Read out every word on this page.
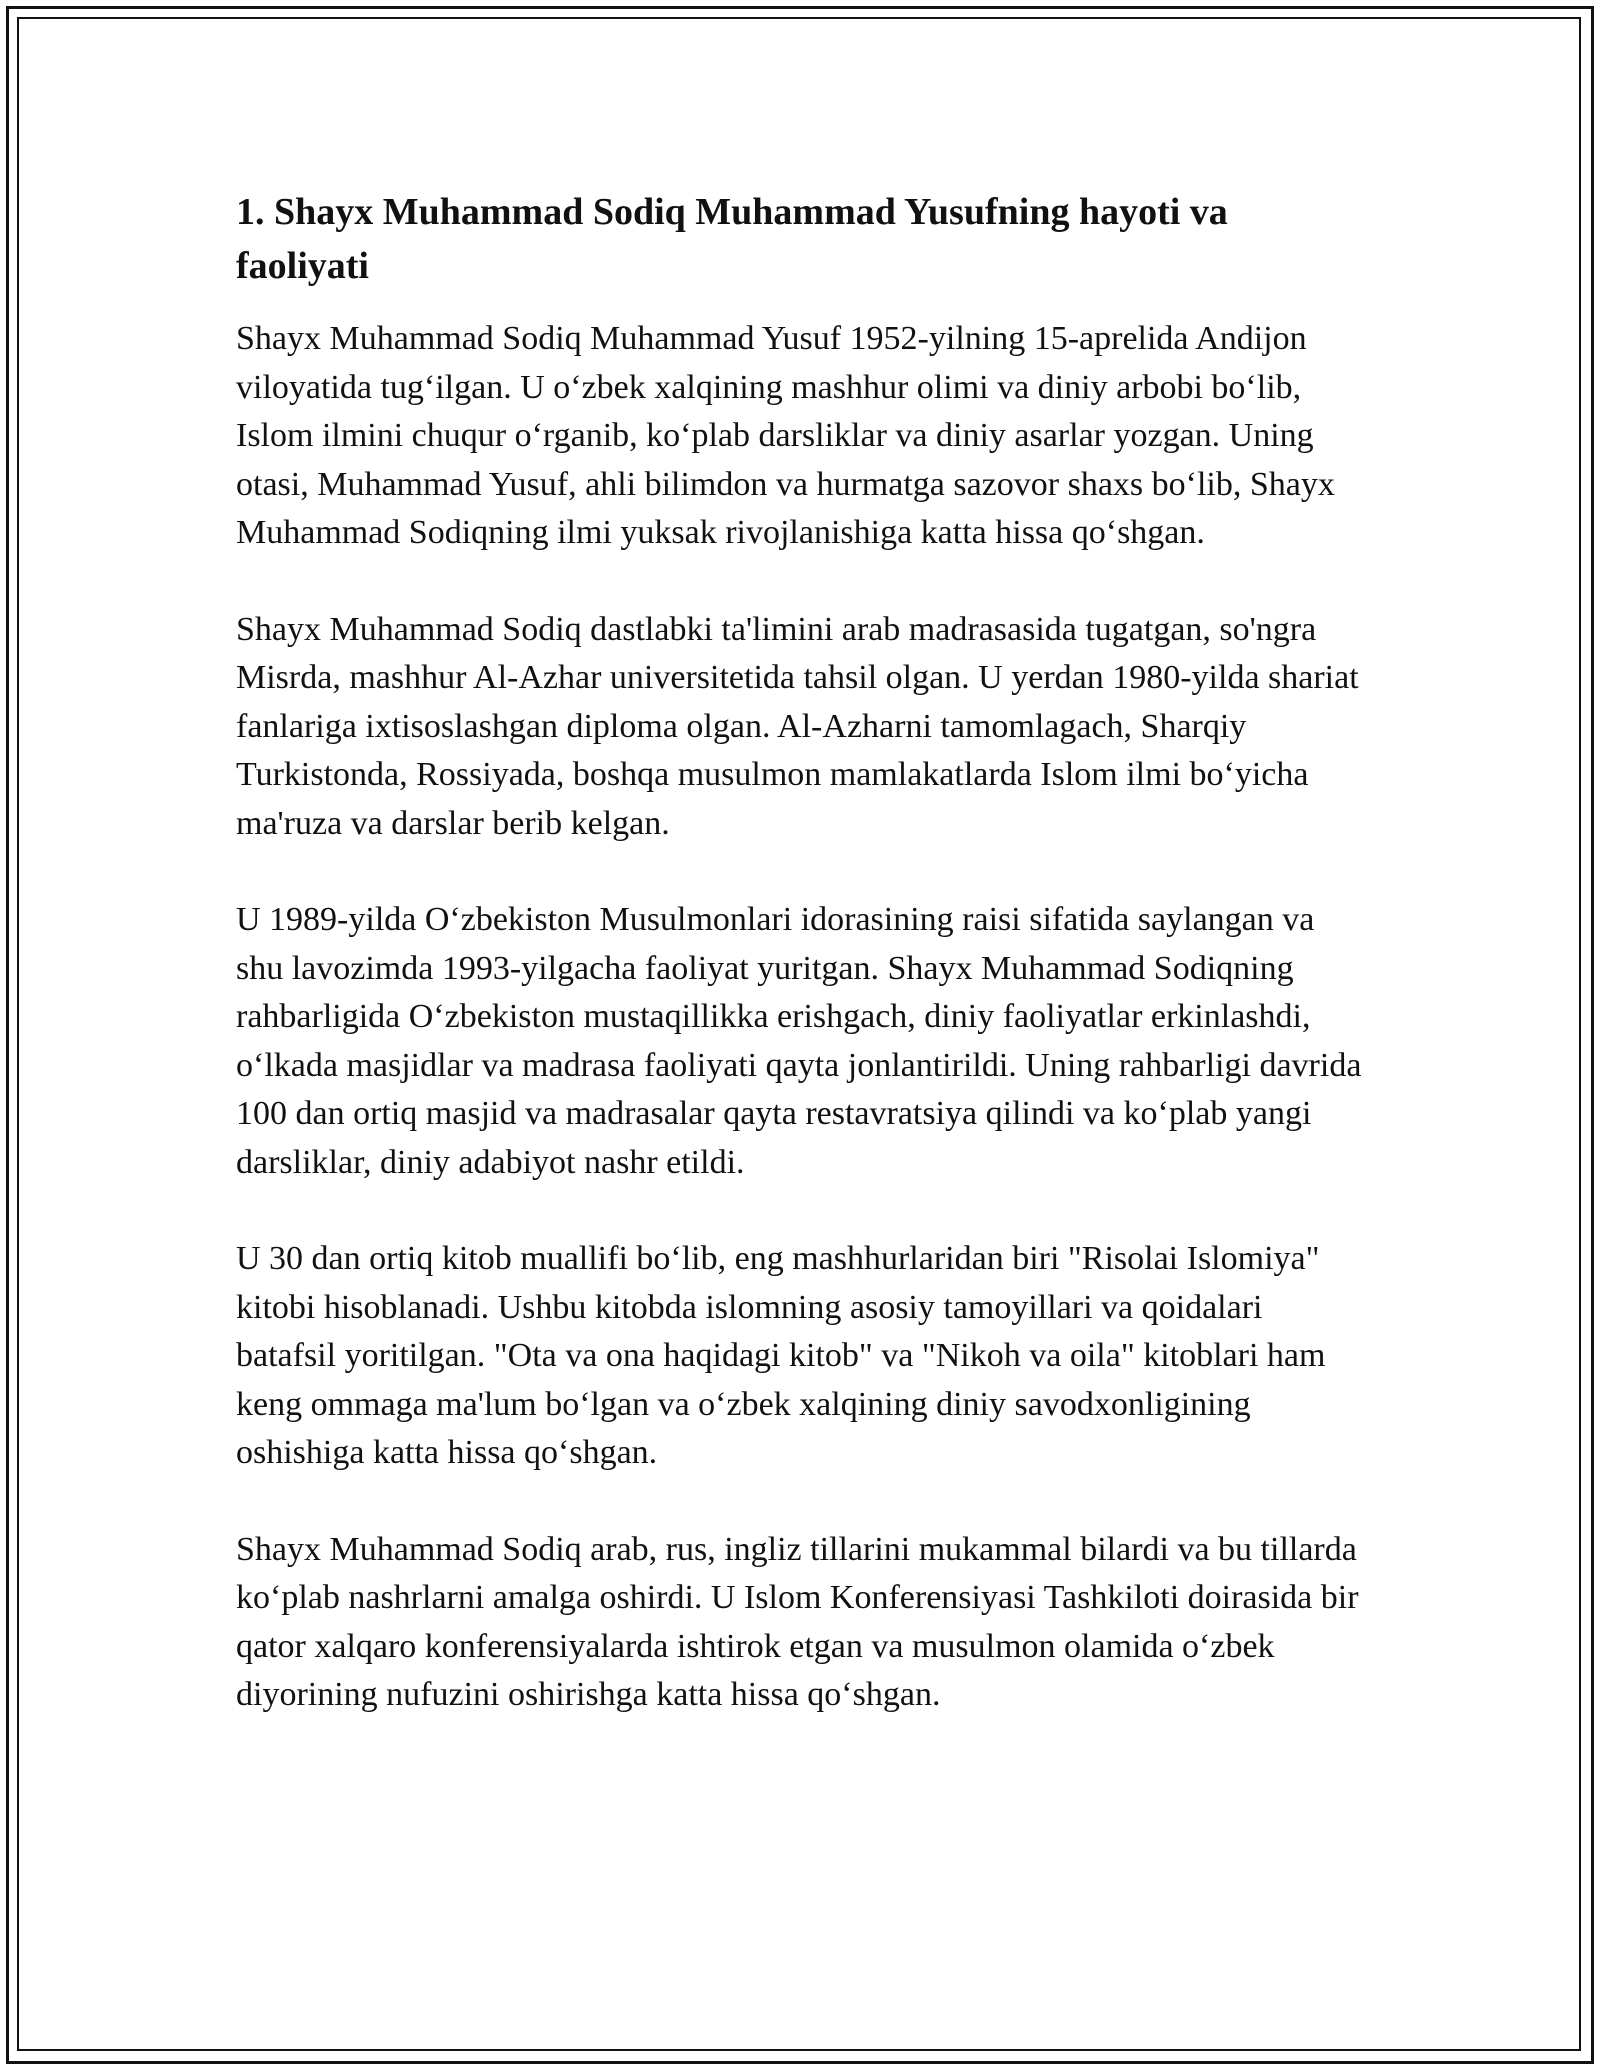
1. Shayx Muhammad Sodiq Muhammad Yusufning hayoti va faoliyati

Shayx Muhammad Sodiq Muhammad Yusuf 1952-yilning 15-aprelida Andijon viloyatida tug‘ilgan. U o‘zbek xalqining mashhur olimi va diniy arbobi bo‘lib, Islom ilmini chuqur o‘rganib, ko‘plab darsliklar va diniy asarlar yozgan. Uning otasi, Muhammad Yusuf, ahli bilimdon va hurmatga sazovor shaxs bo‘lib, Shayx Muhammad Sodiqning ilmi yuksak rivojlanishiga katta hissa qo‘shgan.

Shayx Muhammad Sodiq dastlabki ta'limini arab madrasasida tugatgan, so'ngra Misrda, mashhur Al-Azhar universitetida tahsil olgan. U yerdan 1980-yilda shariat fanlariga ixtisoslashgan diploma olgan. Al-Azharni tamomlagach, Sharqiy Turkistonda, Rossiyada, boshqa musulmon mamlakatlarda Islom ilmi bo‘yicha ma'ruza va darslar berib kelgan.

U 1989-yilda O‘zbekiston Musulmonlari idorasining raisi sifatida saylangan va shu lavozimda 1993-yilgacha faoliyat yuritgan. Shayx Muhammad Sodiqning rahbarligida O‘zbekiston mustaqillikka erishgach, diniy faoliyatlar erkinlashdi, o‘lkada masjidlar va madrasa faoliyati qayta jonlantirildi. Uning rahbarligi davrida 100 dan ortiq masjid va madrasalar qayta restavratsiya qilindi va ko‘plab yangi darsliklar, diniy adabiyot nashr etildi.

U 30 dan ortiq kitob muallifi bo‘lib, eng mashhurlaridan biri "Risolai Islomiya" kitobi hisoblanadi. Ushbu kitobda islomning asosiy tamoyillari va qoidalari batafsil yoritilgan. "Ota va ona haqidagi kitob" va "Nikoh va oila" kitoblari ham keng ommaga ma'lum bo‘lgan va o‘zbek xalqining diniy savodxonligining oshishiga katta hissa qo‘shgan.

Shayx Muhammad Sodiq arab, rus, ingliz tillarini mukammal bilardi va bu tillarda ko‘plab nashrlarni amalga oshirdi. U Islom Konferensiyasi Tashkiloti doirasida bir qator xalqaro konferensiyalarda ishtirok etgan va musulmon olamida o‘zbek diyorining nufuzini oshirishga katta hissa qo‘shgan.
